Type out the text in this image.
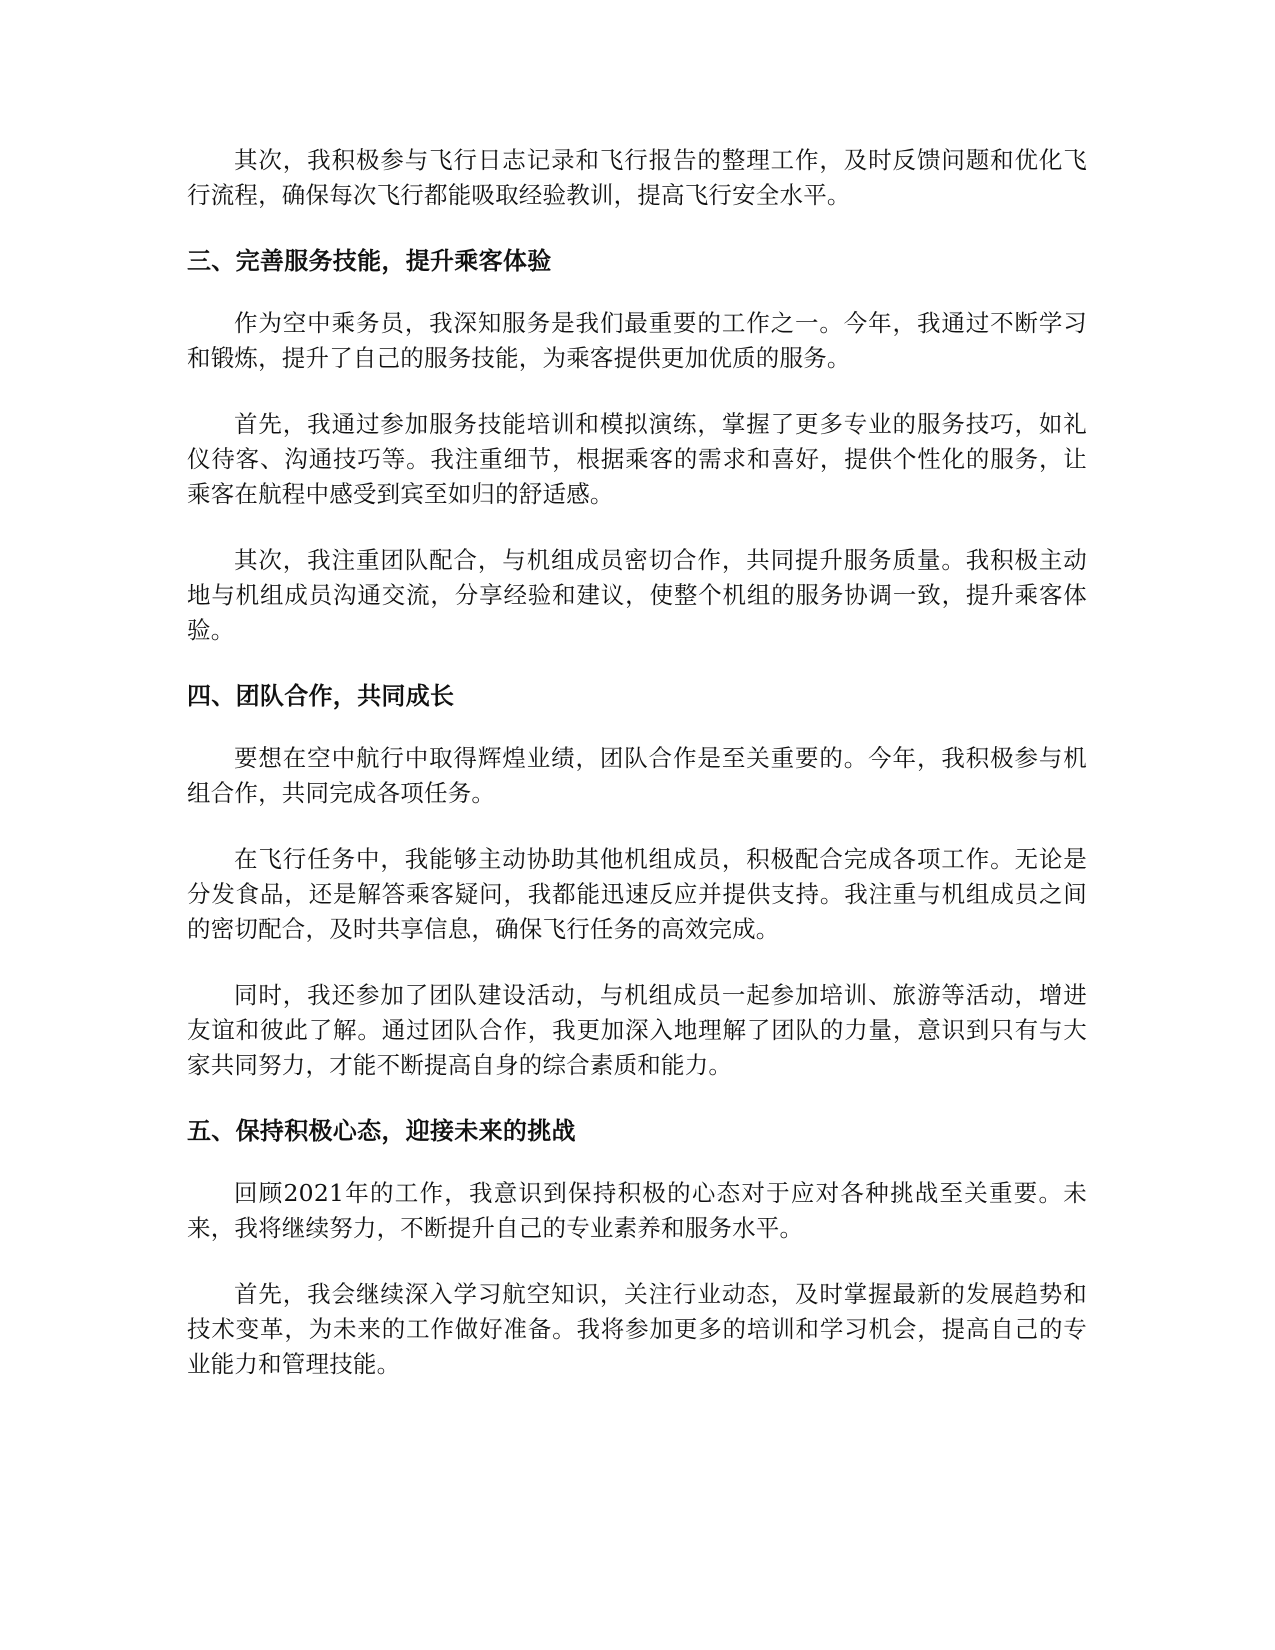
其次，我积极参与飞行日志记录和飞行报告的整理工作，及时反馈问题和优化飞行流程，确保每次飞行都能吸取经验教训，提高飞行安全水平。

三、完善服务技能，提升乘客体验

作为空中乘务员，我深知服务是我们最重要的工作之一。今年，我通过不断学习和锻炼，提升了自己的服务技能，为乘客提供更加优质的服务。

首先，我通过参加服务技能培训和模拟演练，掌握了更多专业的服务技巧，如礼仪待客、沟通技巧等。我注重细节，根据乘客的需求和喜好，提供个性化的服务，让乘客在航程中感受到宾至如归的舒适感。

其次，我注重团队配合，与机组成员密切合作，共同提升服务质量。我积极主动地与机组成员沟通交流，分享经验和建议，使整个机组的服务协调一致，提升乘客体验。

四、团队合作，共同成长

要想在空中航行中取得辉煌业绩，团队合作是至关重要的。今年，我积极参与机组合作，共同完成各项任务。

在飞行任务中，我能够主动协助其他机组成员，积极配合完成各项工作。无论是分发食品，还是解答乘客疑问，我都能迅速反应并提供支持。我注重与机组成员之间的密切配合，及时共享信息，确保飞行任务的高效完成。

同时，我还参加了团队建设活动，与机组成员一起参加培训、旅游等活动，增进友谊和彼此了解。通过团队合作，我更加深入地理解了团队的力量，意识到只有与大家共同努力，才能不断提高自身的综合素质和能力。

五、保持积极心态，迎接未来的挑战

回顾2021年的工作，我意识到保持积极的心态对于应对各种挑战至关重要。未来，我将继续努力，不断提升自己的专业素养和服务水平。

首先，我会继续深入学习航空知识，关注行业动态，及时掌握最新的发展趋势和技术变革，为未来的工作做好准备。我将参加更多的培训和学习机会，提高自己的专业能力和管理技能。
